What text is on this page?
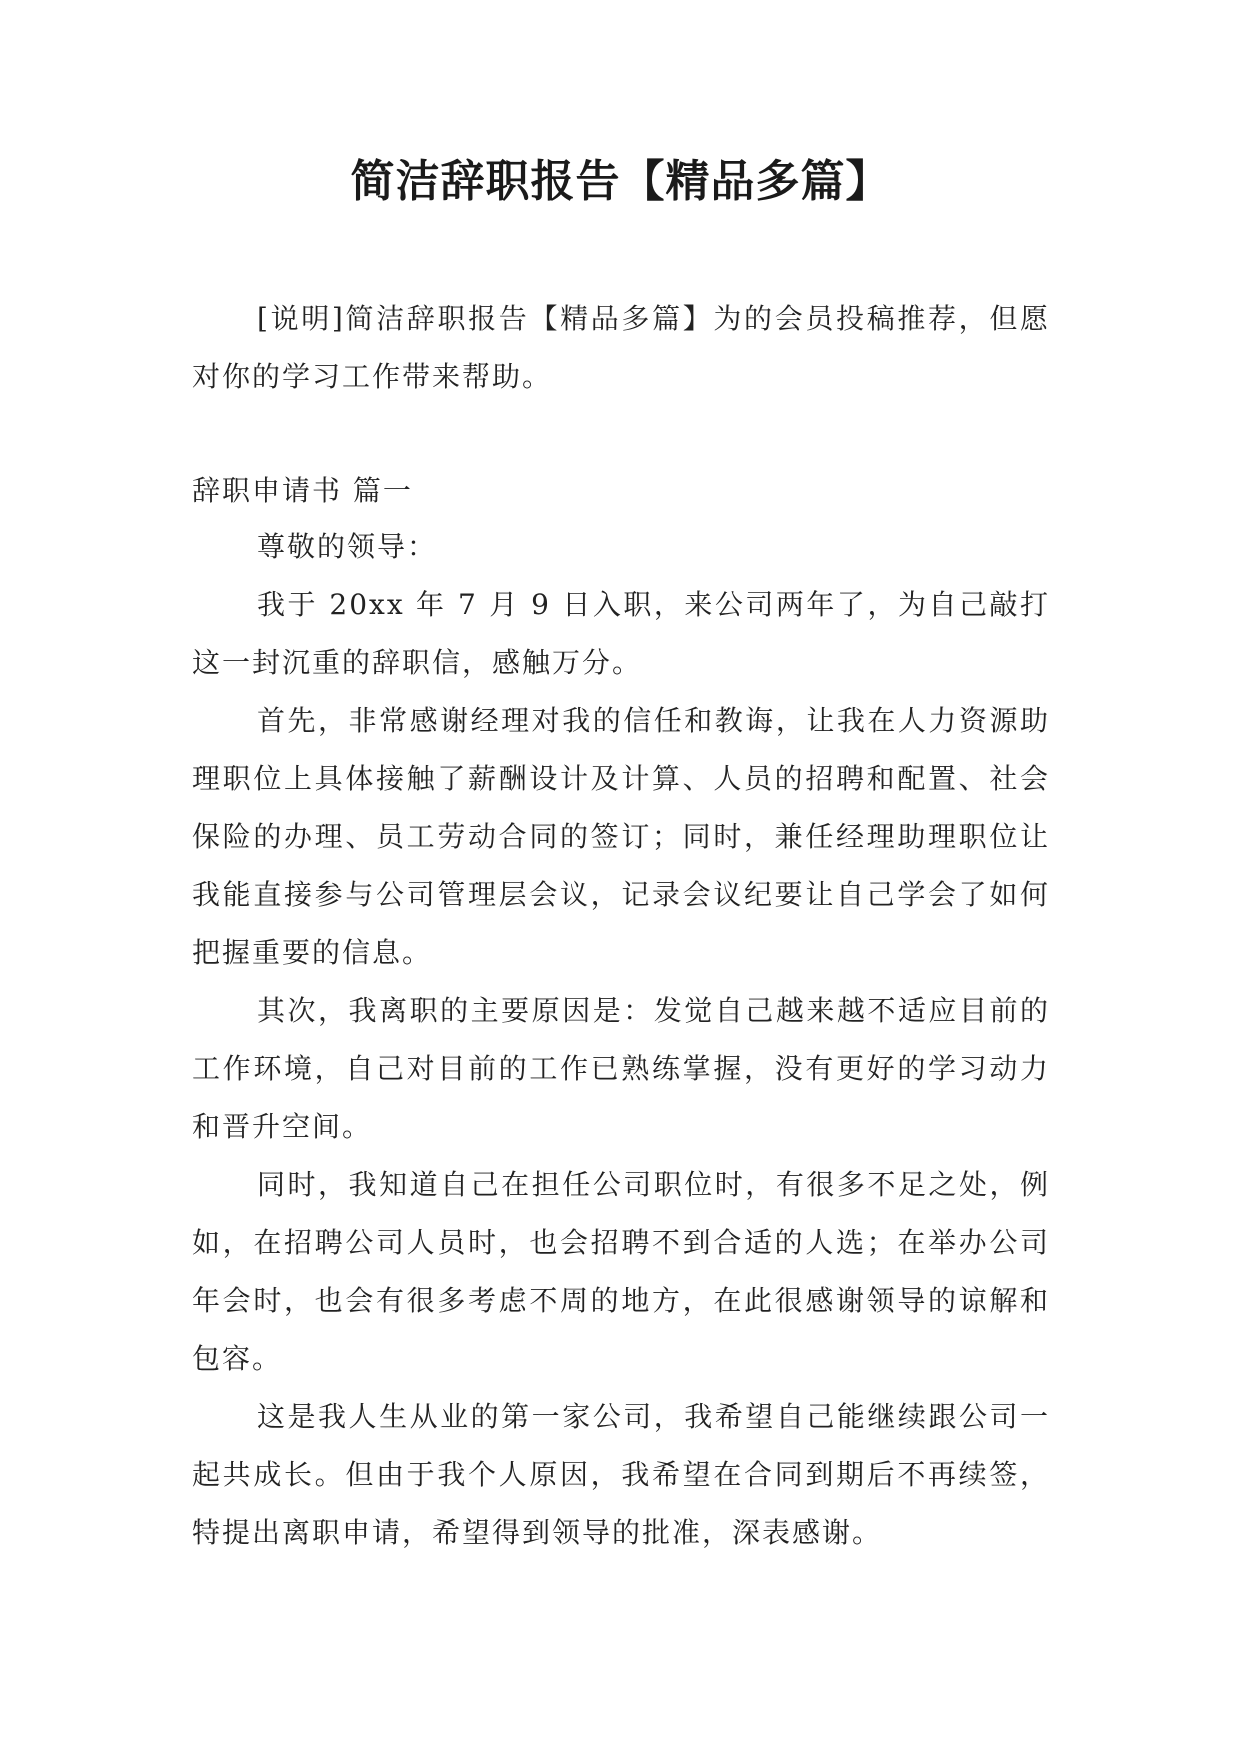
简洁辞职报告【精品多篇】

[说明]简洁辞职报告【精品多篇】为的会员投稿推荐，但愿对你的学习工作带来帮助。

辞职申请书 篇一

尊敬的领导：

我于 20xx 年 7 月 9 日入职，来公司两年了，为自己敲打这一封沉重的辞职信，感触万分。

首先，非常感谢经理对我的信任和教诲，让我在人力资源助理职位上具体接触了薪酬设计及计算、人员的招聘和配置、社会保险的办理、员工劳动合同的签订；同时，兼任经理助理职位让我能直接参与公司管理层会议，记录会议纪要让自己学会了如何把握重要的信息。

其次，我离职的主要原因是：发觉自己越来越不适应目前的工作环境，自己对目前的工作已熟练掌握，没有更好的学习动力和晋升空间。

同时，我知道自己在担任公司职位时，有很多不足之处，例如，在招聘公司人员时，也会招聘不到合适的人选；在举办公司年会时，也会有很多考虑不周的地方，在此很感谢领导的谅解和包容。

这是我人生从业的第一家公司，我希望自己能继续跟公司一起共成长。但由于我个人原因，我希望在合同到期后不再续签，特提出离职申请，希望得到领导的批准，深表感谢。
